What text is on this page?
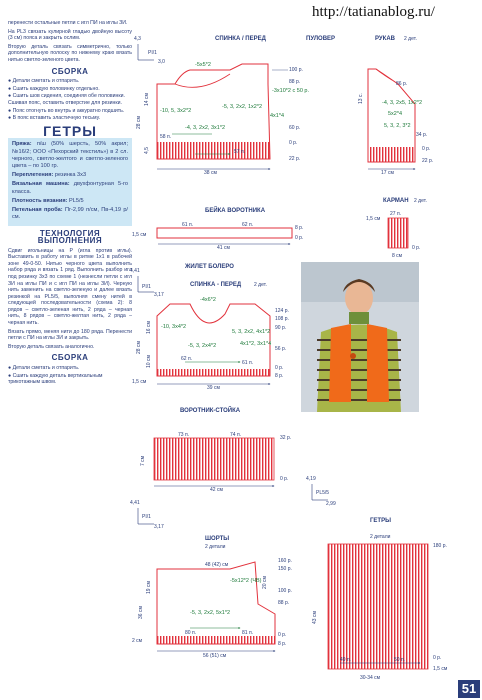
http://tatianablog.ru/

перенести остальные петли с игл ПИ на иглы ЗИ.

На PL3 связать кулирной гладью двойную высоту (3 см) пояса и закрыть ослим.

Вторую деталь связать симметрично, только дополнительную полоску по нижнему краю вязать нитью светло-зеленого цвета.

СБОРКА
● Детали сметать и отпарить.
● Сшить каждую половинку отдельно.
● Сшить шов сидения, соединяя обе половинки. Сшивая пояс, оставить отверстие для резинки.
● Пояс отогнуть во внутрь и аккуратно подшить.
● В пояс вставить эластичную тесьму.
ГЕТРЫ

Пряжа: п/ш (50% шерсть, 50% акрил; №16/2; ООО «Пехорский текстиль») в 2 сл. черного, светло-желтого и светло-зеленого цвета – по 100 гр.

Переплетения: резинка 3х3

Вязальная машина: двухфонтурная 5-го класса.

Плотность вязания: PL5/5

Петельная проба: Пг-2,99 п/см, Пв-4,19 р/см.

ТЕХНОЛОГИЯ ВЫПОЛНЕНИЯ

Сдвиг игольницы на P (игла против иглы). Выставить в работу иглы в ритме 1х1 в рабочей зоне 49-0-50. Нитью черного цвета выполнить набор ряда и вязать 1 ряд. Выполнить разбор игл под резинку 3х3 по схеме 1 (незнесли петли с игл ЗИ на иглы ПИ и с игл ПИ на иглы ЗИ). Черную нить заменить на светло-зеленую и далее вязать резинкой на PL5/5, выполняя смену нитей в следующей последовательности (схема 2): 8 рядов – светло-зеленая нить, 2 ряда – черная нить, 8 рядов – светло-желтая нить, 2 ряда – черная нить.

Вязать прямо, меняя нити до 180 ряда. Перенести петли с ПИ на иглы ЗИ и закрыть.

Вторую деталь связать аналогично.

СБОРКА
● Детали сметать и отпарить.
● Сшить каждую деталь вертикальным трикотажным швом.
СПИНКА / ПЕРЕД	ПУЛОВЕР
4,3
PI/1
3,0	-5х5*2
-3х10*2 с 50 р.
-5, 3, 2х2, 1х2*2
-10, 5, 3х2*2
4х1*4
-4, 3, 2х2, 3х1*2
58 п.
57 п.
38 см
100 р.
88 р.
60 р.
0 р.
22 р.
28 см
14 см
4,5
РУКАВ 2 дет.
-4, 3, 2х5, 1х2*2
5х2*4
5, 3, 2, 3*2
86 р.
34 р.
0 р.
22 р.
17 см
13 с.
БЕЙКА ВОРОТНИКА
61 п.	62 п.
41 см
8 р.
0 р.
1,5 см
КАРМАН 2 дет.
27 п.
8 см
1,5 см
0 р.
ЖИЛЕТ БОЛЕРО
СПИНКА - ПЕРЕД	2 дет.
4,41
PI/1
3,17
-4х6*2
-10, 3х4*2
5, 3, 2х2, 4х1*2
-5, 3, 2х4*2	4х1*2, 3х1*4
62 п.
61 п.
124 р.
108 р.
90 р.
56 р.
0 р.
8 р.
39 см
28 см
10 см
16 см
1,5 см
ВОРОТНИК-СТОЙКА
73 п.	74 п.
42 см
32 р.
0 р.
7 см
ШОРТЫ
2 детали
4,41
PI/1
3,17
48 (42) см
-5х12*2 (ЧВ)
-5, 3, 2х2, 5х1*2
80 п.	81 п.
160 р.
150 р.
100 р.
88 р.
0 р.
8 р.
56 (51) см
36 см
20 см
19 см
2 см
ГЕТРЫ
2 детали
4,19
PL5/5
2,99
180 р.
0 р.
49 п.	50 п.
30-34 см
43 см
1,5 см
51
